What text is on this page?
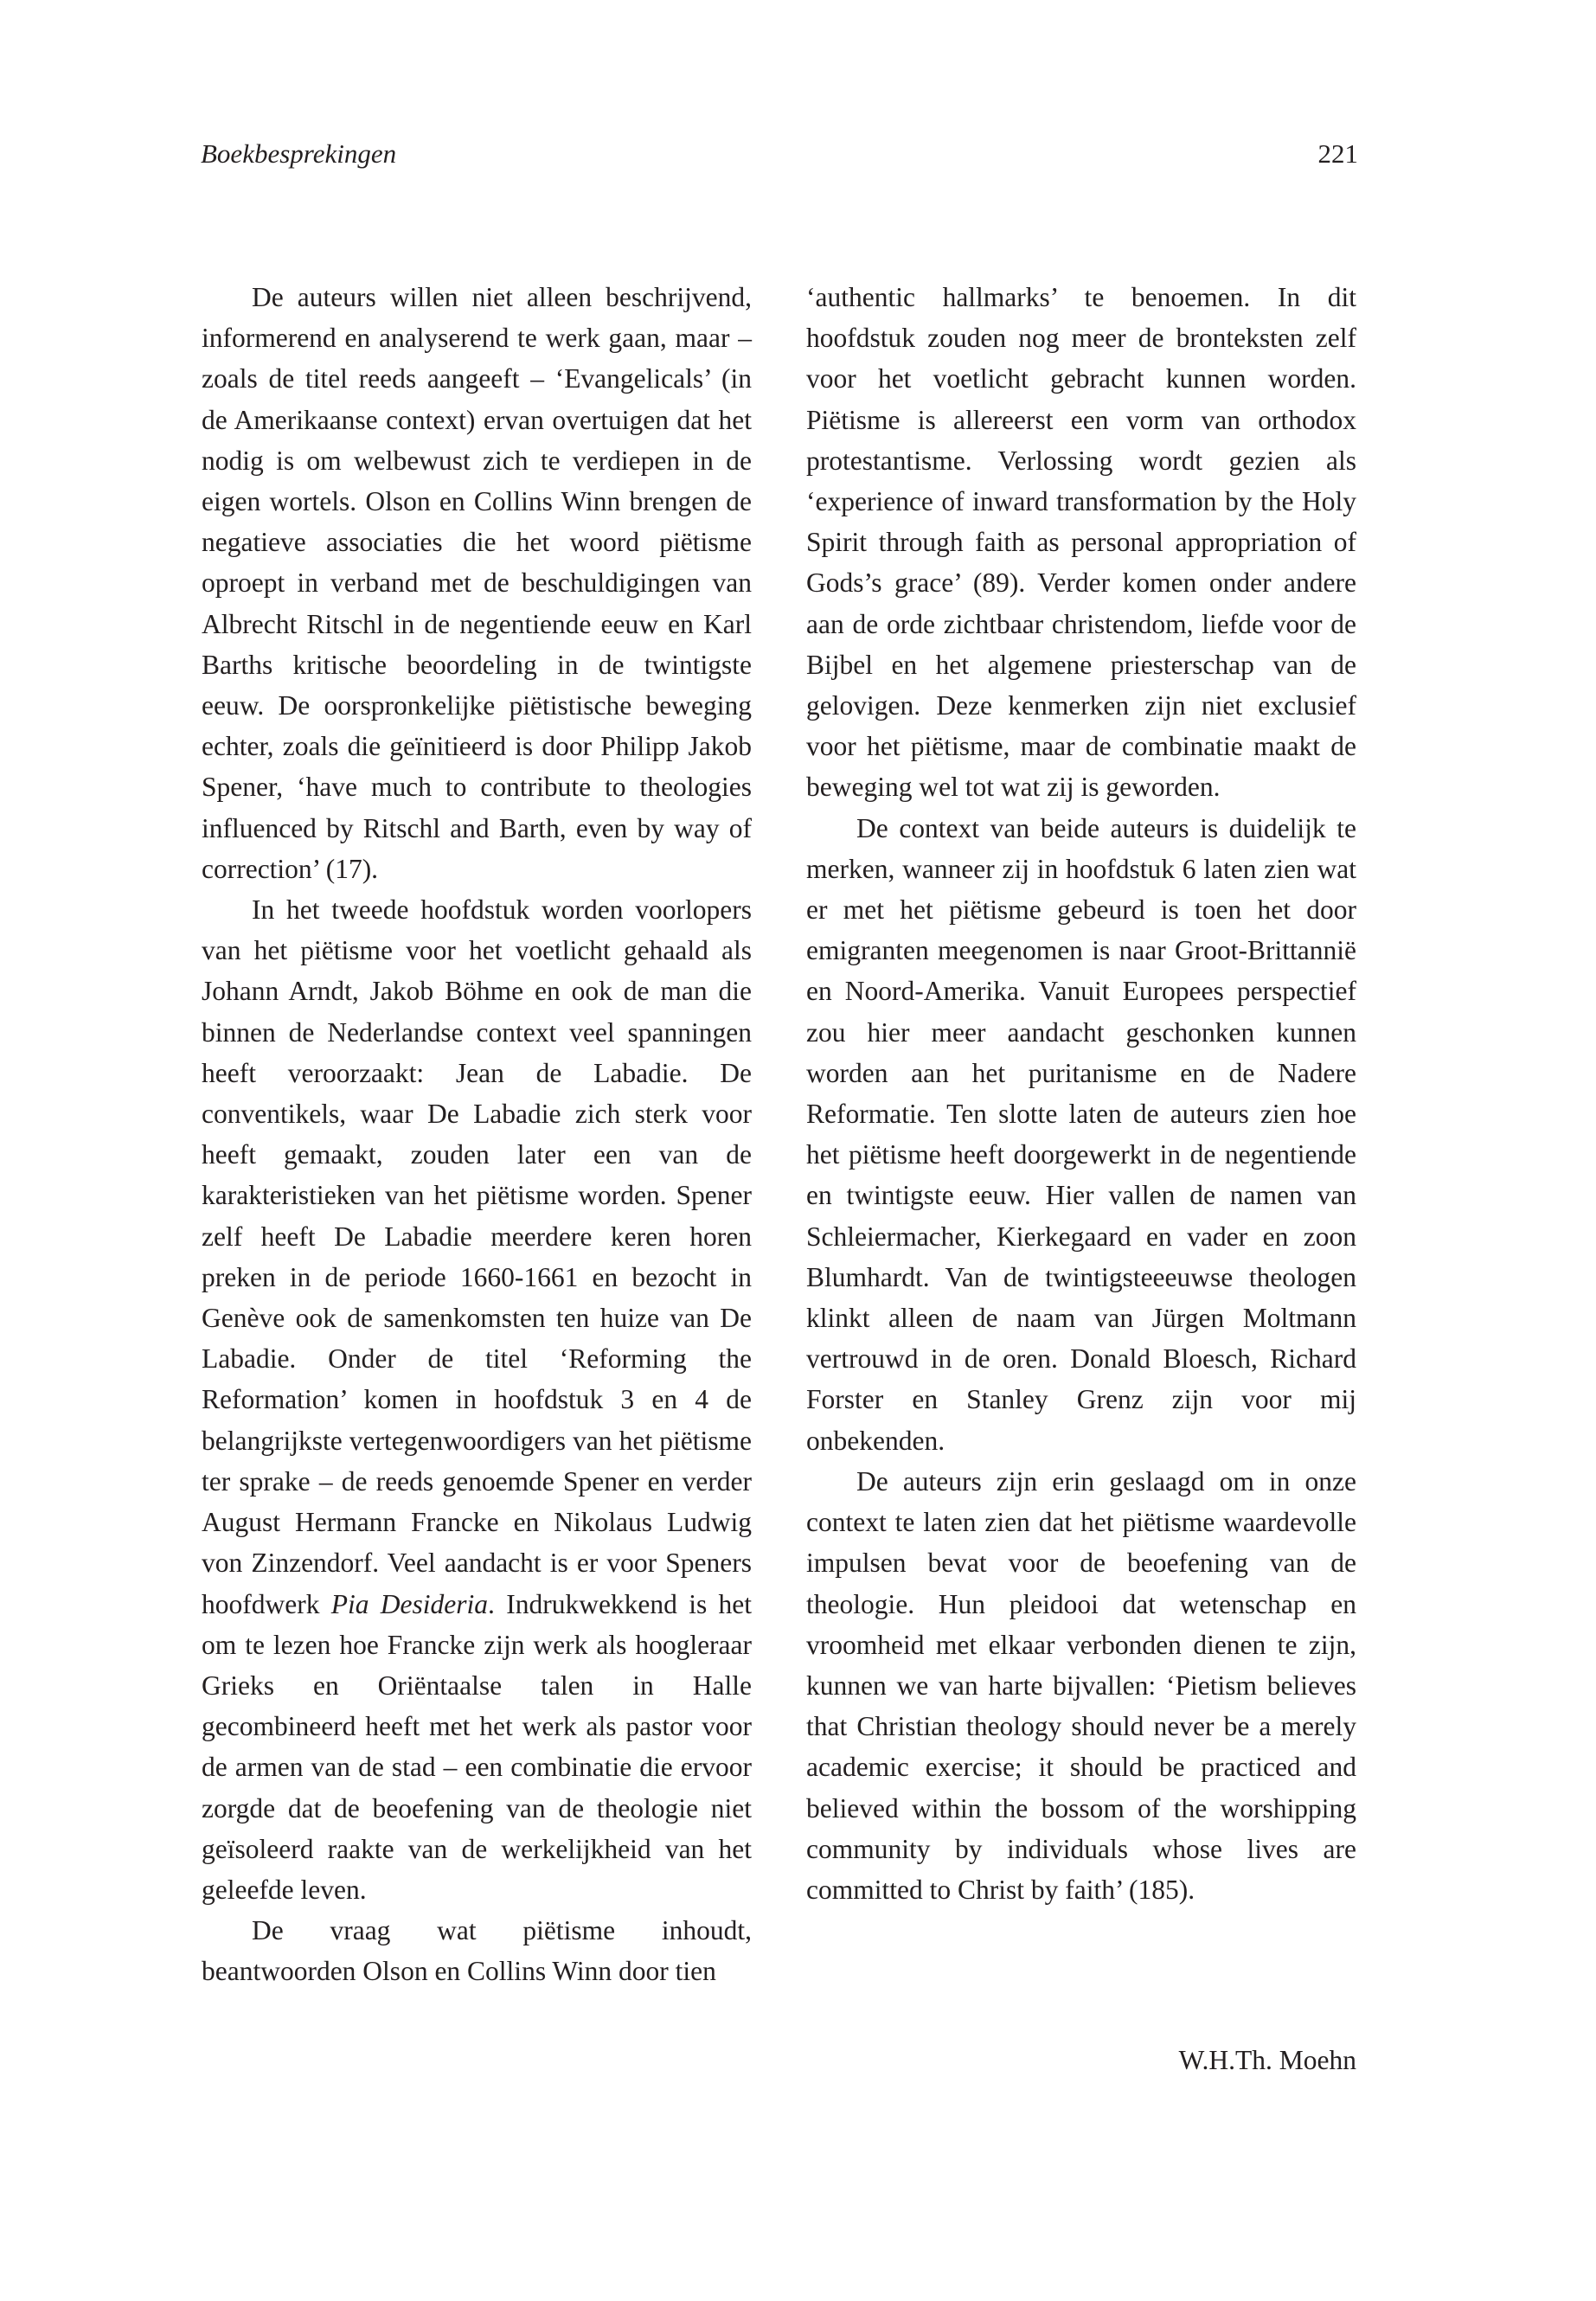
Boekbesprekingen	221

De auteurs willen niet alleen beschrijvend, informerend en analyserend te werk gaan, maar – zoals de titel reeds aangeeft – ‘Evangelicals’ (in de Amerikaanse context) ervan overtuigen dat het nodig is om welbewust zich te verdiepen in de eigen wortels. Olson en Collins Winn brengen de negatieve associaties die het woord piëtisme oproept in verband met de beschuldigingen van Albrecht Ritschl in de negentiende eeuw en Karl Barths kritische beoordeling in de twintigste eeuw. De oorspronkelijke piëtistische beweging echter, zoals die geïnitieerd is door Philipp Jakob Spener, ‘have much to contribute to theologies influenced by Ritschl and Barth, even by way of correction’ (17).

In het tweede hoofdstuk worden voorlopers van het piëtisme voor het voetlicht gehaald als Johann Arndt, Jakob Böhme en ook de man die binnen de Nederlandse context veel spanningen heeft veroorzaakt: Jean de Labadie. De conventikels, waar De Labadie zich sterk voor heeft gemaakt, zouden later een van de karakteristieken van het piëtisme worden. Spener zelf heeft De Labadie meerdere keren horen preken in de periode 1660-1661 en bezocht in Genève ook de samenkomsten ten huize van De Labadie. Onder de titel ‘Reforming the Reformation’ komen in hoofdstuk 3 en 4 de belangrijkste vertegenwoordigers van het piëtisme ter sprake – de reeds genoemde Spener en verder August Hermann Francke en Nikolaus Ludwig von Zinzendorf. Veel aandacht is er voor Speners hoofdwerk Pia Desideria. Indrukwekkend is het om te lezen hoe Francke zijn werk als hoogleraar Grieks en Oriëntaalse talen in Halle gecombineerd heeft met het werk als pastor voor de armen van de stad – een combinatie die ervoor zorgde dat de beoefening van de theologie niet geïsoleerd raakte van de werkelijkheid van het geleefde leven.

De vraag wat piëtisme inhoudt, beantwoorden Olson en Collins Winn door tien

‘authentic hallmarks’ te benoemen. In dit hoofdstuk zouden nog meer de bronteksten zelf voor het voetlicht gebracht kunnen worden. Piëtisme is allereerst een vorm van orthodox protestantisme. Verlossing wordt gezien als ‘experience of inward transformation by the Holy Spirit through faith as personal appropriation of Gods’s grace’ (89). Verder komen onder andere aan de orde zichtbaar christendom, liefde voor de Bijbel en het algemene priesterschap van de gelovigen. Deze kenmerken zijn niet exclusief voor het piëtisme, maar de combinatie maakt de beweging wel tot wat zij is geworden.

De context van beide auteurs is duidelijk te merken, wanneer zij in hoofdstuk 6 laten zien wat er met het piëtisme gebeurd is toen het door emigranten meegenomen is naar Groot-Brittannië en Noord-Amerika. Vanuit Europees perspectief zou hier meer aandacht geschonken kunnen worden aan het puritanisme en de Nadere Reformatie. Ten slotte laten de auteurs zien hoe het piëtisme heeft doorgewerkt in de negentiende en twintigste eeuw. Hier vallen de namen van Schleiermacher, Kierkegaard en vader en zoon Blumhardt. Van de twintigsteeeuwse theologen klinkt alleen de naam van Jürgen Moltmann vertrouwd in de oren. Donald Bloesch, Richard Forster en Stanley Grenz zijn voor mij onbekenden.

De auteurs zijn erin geslaagd om in onze context te laten zien dat het piëtisme waardevolle impulsen bevat voor de beoefening van de theologie. Hun pleidooi dat wetenschap en vroomheid met elkaar verbonden dienen te zijn, kunnen we van harte bijvallen: ‘Pietism believes that Christian theology should never be a merely academic exercise; it should be practiced and believed within the bossom of the worshipping community by individuals whose lives are committed to Christ by faith’ (185).

W.H.Th. Moehn
